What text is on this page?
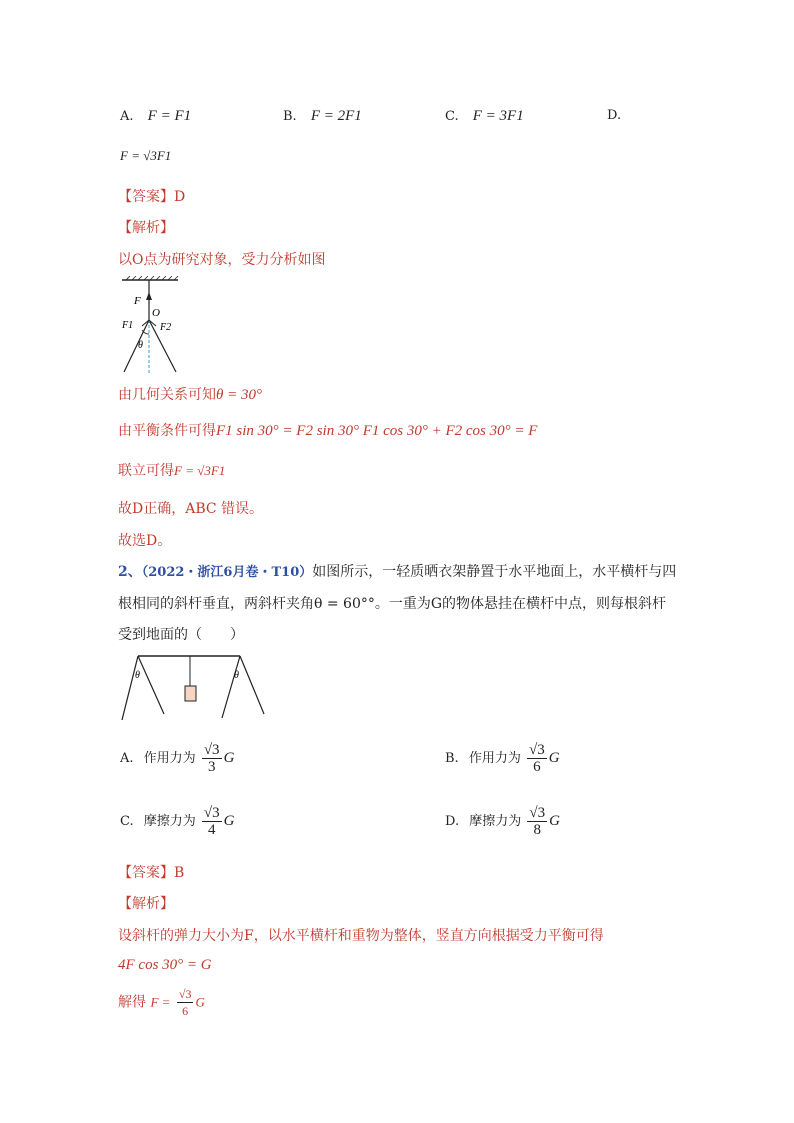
A. F = F1	B. F = 2F1	C. F = 3F1	D.
F = √3F1
【答案】D
【解析】
以O点为研究对象，受力分析如图
F
O
F1	F2
θ
由几何关系可知θ = 30°
由平衡条件可得F1 sin 30° = F2 sin 30° F1 cos 30° + F2 cos 30° = F
联立可得F = √3F1
故D正确，ABC 错误。
故选D。
2、（2022・浙江6月卷・T10）如图所示，一轻质晒衣架静置于水平地面上，水平横杆与四
根相同的斜杆垂直，两斜杆夹角θ = 60°°。一重为G的物体悬挂在横杆中点，则每根斜杆
受到地面的（　　）
θ	θ
A. 作用力为 $\frac{√3}{3}$ G	B. 作用力为 $\frac{√3}{6}$ G
C. 摩擦力为 $\frac{√3}{4}$ G	D. 摩擦力为 $\frac{√3}{8}$ G
【答案】B
【解析】
设斜杆的弹力大小为F，以水平横杆和重物为整体，竖直方向根据受力平衡可得
4F cos 30° = G
解得 $F = \frac{√3}{6}$ G
